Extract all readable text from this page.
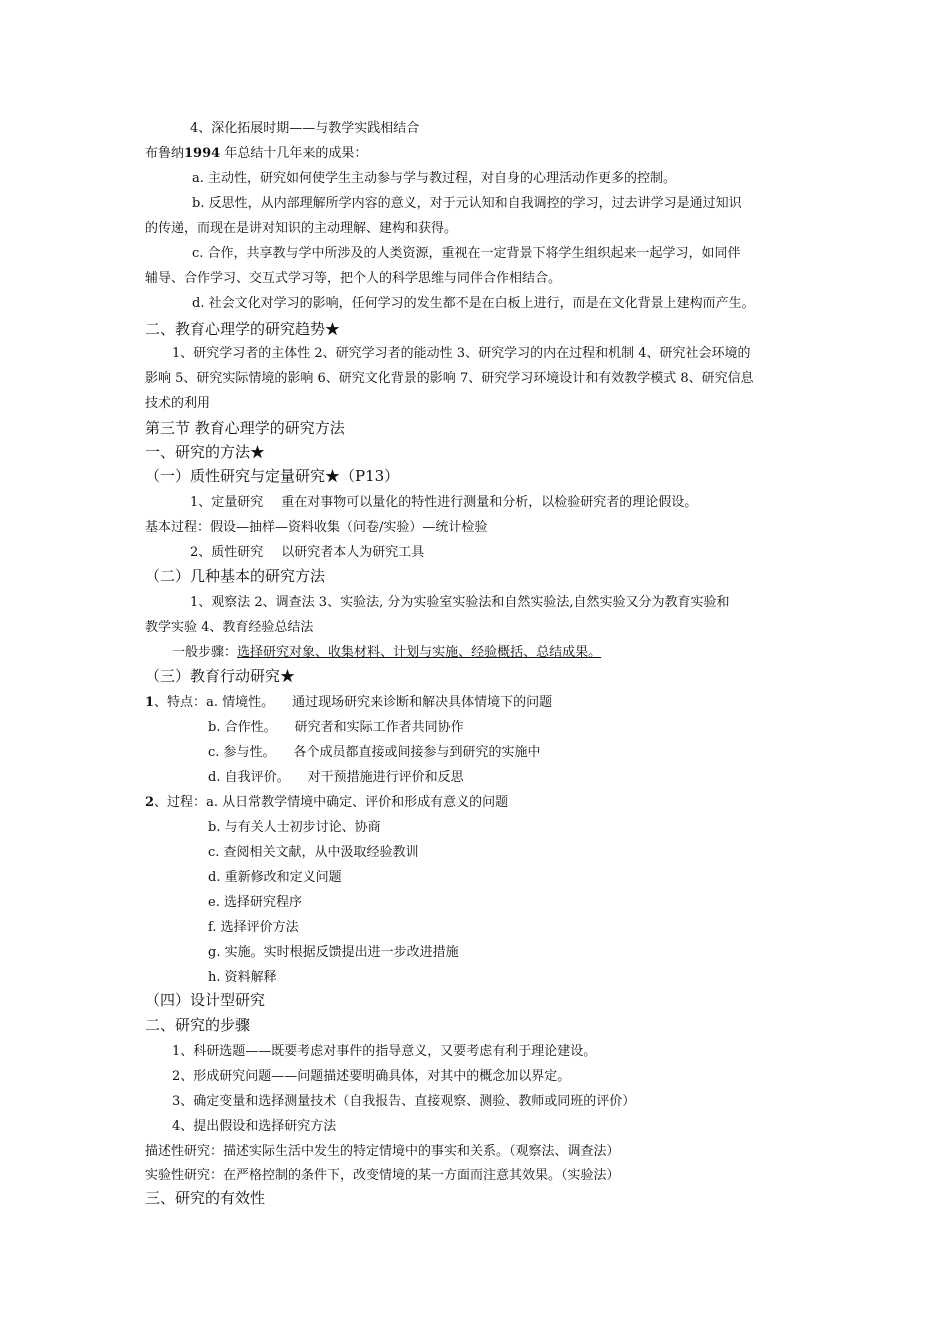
4、深化拓展时期——与教学实践相结合
布鲁纳1994 年总结十几年来的成果：
a. 主动性，研究如何使学生主动参与学与教过程，对自身的心理活动作更多的控制。
b. 反思性，从内部理解所学内容的意义，对于元认知和自我调控的学习，过去讲学习是通过知识
的传递，而现在是讲对知识的主动理解、建构和获得。
c. 合作，共享教与学中所涉及的人类资源，重视在一定背景下将学生组织起来一起学习，如同伴
辅导、合作学习、交互式学习等，把个人的科学思维与同伴合作相结合。
d. 社会文化对学习的影响，任何学习的发生都不是在白板上进行，而是在文化背景上建构而产生。
二、教育心理学的研究趋势★
1、研究学习者的主体性 2、研究学习者的能动性 3、研究学习的内在过程和机制 4、研究社会环境的
影响 5、研究实际情境的影响 6、研究文化背景的影响 7、研究学习环境设计和有效教学模式 8、研究信息
技术的利用
第三节 教育心理学的研究方法
一、研究的方法★
（一）质性研究与定量研究★（P13）
1、定量研究 重在对事物可以量化的特性进行测量和分析，以检验研究者的理论假设。
基本过程：假设—抽样—资料收集（问卷/实验）—统计检验
2、质性研究 以研究者本人为研究工具
（二）几种基本的研究方法
1、观察法 2、调查法 3、实验法, 分为实验室实验法和自然实验法,自然实验又分为教育实验和
教学实验 4、教育经验总结法
一般步骤：选择研究对象、收集材料、计划与实施、经验概括、总结成果。
（三）教育行动研究★
1、特点：a. 情境性。 通过现场研究来诊断和解决具体情境下的问题
b. 合作性。 研究者和实际工作者共同协作
c. 参与性。 各个成员都直接或间接参与到研究的实施中
d. 自我评价。 对干预措施进行评价和反思
2、过程：a. 从日常教学情境中确定、评价和形成有意义的问题
b. 与有关人士初步讨论、协商
c. 查阅相关文献，从中汲取经验教训
d. 重新修改和定义问题
e. 选择研究程序
f. 选择评价方法
g. 实施。实时根据反馈提出进一步改进措施
h. 资料解释
（四）设计型研究
二、研究的步骤
1、科研选题——既要考虑对事件的指导意义，又要考虑有利于理论建设。
2、形成研究问题——问题描述要明确具体，对其中的概念加以界定。
3、确定变量和选择测量技术（自我报告、直接观察、测验、教师或同班的评价）
4、提出假设和选择研究方法
描述性研究：描述实际生活中发生的特定情境中的事实和关系。（观察法、调查法）
实验性研究：在严格控制的条件下，改变情境的某一方面而注意其效果。（实验法）
三、研究的有效性
